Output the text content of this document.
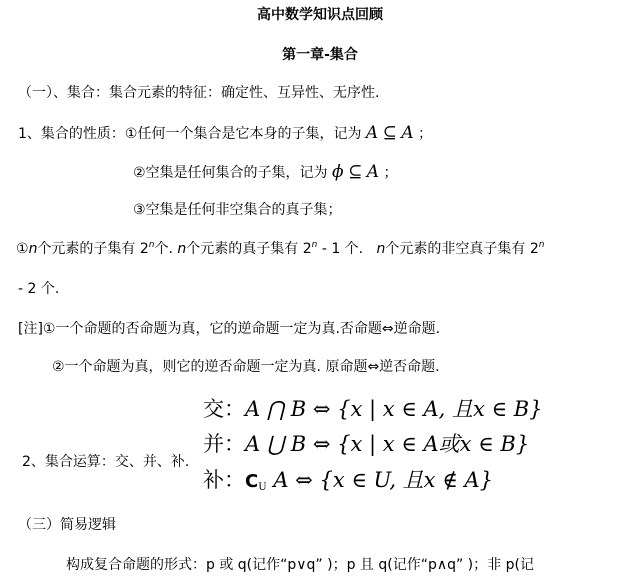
高中数学知识点回顾
第一章-集合
（一）、集合：集合元素的特征：确定性、互异性、无序性.
1、集合的性质：①任何一个集合是它本身的子集，记为 A ⊆ A ；
②空集是任何集合的子集，记为 ϕ ⊆ A ；
③空集是任何非空集合的真子集；
①n个元素的子集有 2$^n$个. n个元素的真子集有 2$^n$ - 1 个. n个元素的非空真子集有 2$^n$
- 2 个.
[注]①一个命题的否命题为真，它的逆命题一定为真.否命题⇔逆命题.
②一个命题为真，则它的逆否命题一定为真. 原命题⇔逆否命题.
2、集合运算：交、并、补.
交：A ⋂ B ⇔ {x | x ∈ A, 且x ∈ B}
并：A ⋃ B ⇔ {x | x ∈ A或x ∈ B}
补：$C_U$ A ⇔ {x ∈ U, 且x ∉ A}
（三）简易逻辑
构成复合命题的形式：p 或 q(记作“p∨q” )；p 且 q(记作“p∧q” )；非 p(记
